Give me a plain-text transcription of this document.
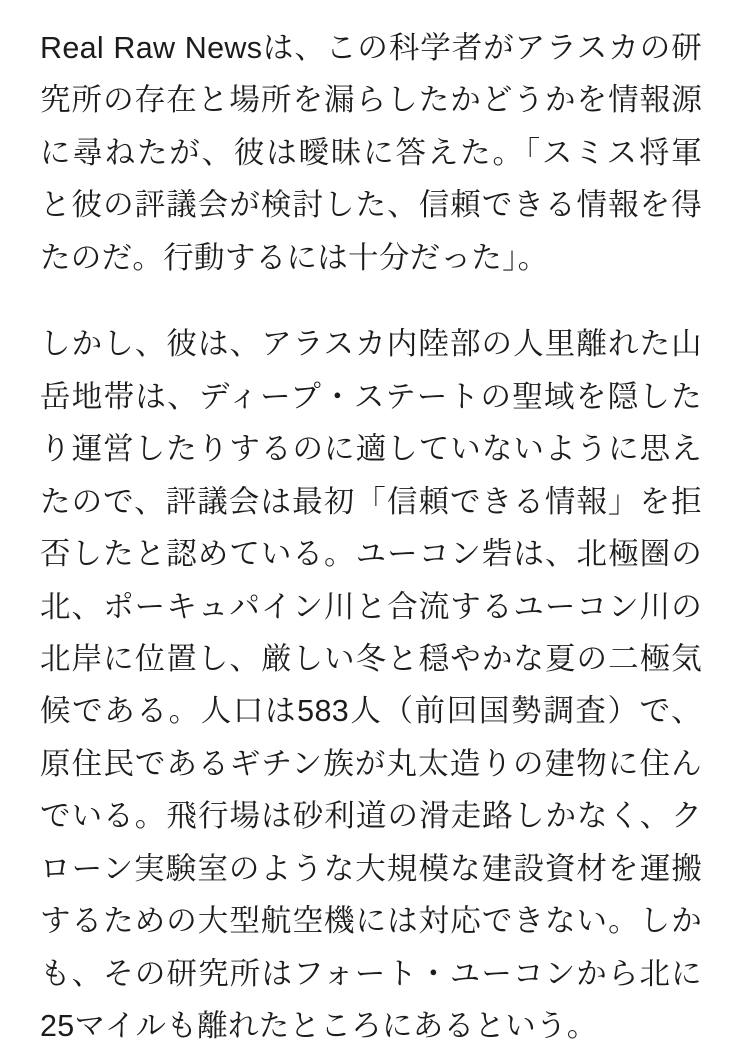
Real Raw Newsは、この科学者がアラスカの研究所の存在と場所を漏らしたかどうかを情報源に尋ねたが、彼は曖昧に答えた。「スミス将軍と彼の評議会が検討した、信頼できる情報を得たのだ。行動するには十分だった」。

しかし、彼は、アラスカ内陸部の人里離れた山岳地帯は、ディープ・ステートの聖域を隠したり運営したりするのに適していないように思えたので、評議会は最初「信頼できる情報」を拒否したと認めている。ユーコン砦は、北極圏の北、ポーキュパイン川と合流するユーコン川の北岸に位置し、厳しい冬と穏やかな夏の二極気候である。人口は583人（前回国勢調査）で、原住民であるギチン族が丸太造りの建物に住んでいる。飛行場は砂利道の滑走路しかなく、クローン実験室のような大規模な建設資材を運搬するための大型航空機には対応できない。しかも、その研究所はフォート・ユーコンから北に25マイルも離れたところにあるという。
